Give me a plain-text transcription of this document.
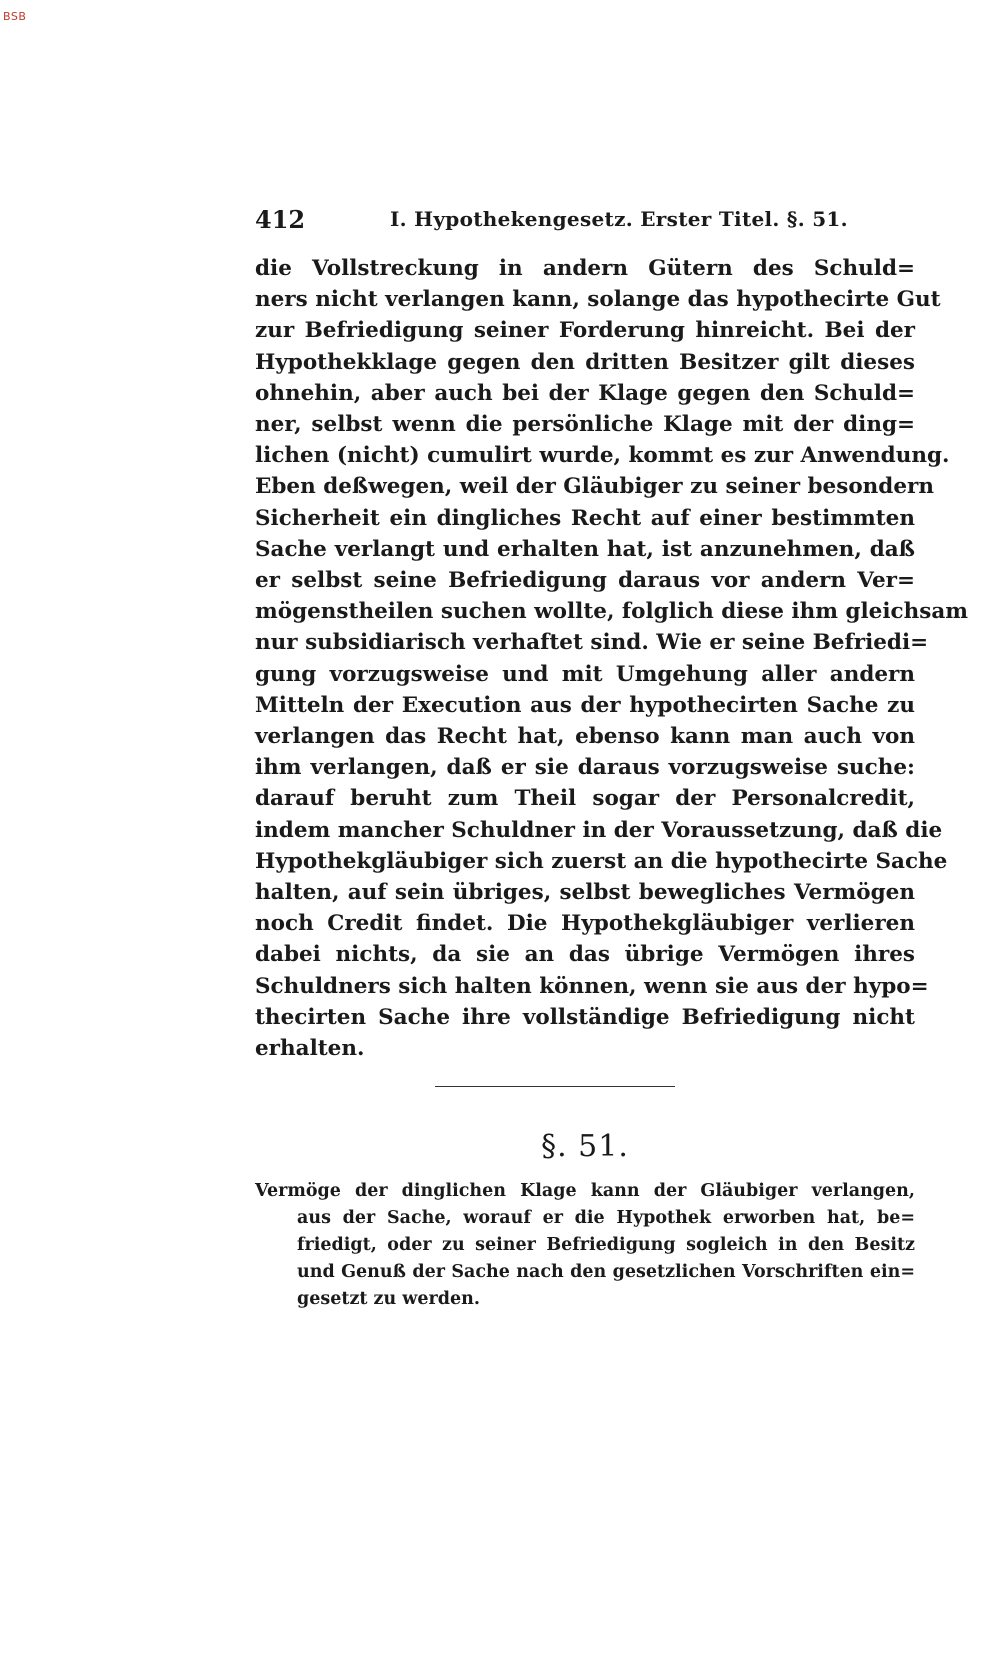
BSB
412	I. Hypothekengesetz. Erster Titel. §. 51.
die Vollstreckung in andern Gütern des Schuld=
ners nicht verlangen kann, solange das hypothecirte Gut
zur Befriedigung seiner Forderung hinreicht. Bei der
Hypothekklage gegen den dritten Besitzer gilt dieses
ohnehin, aber auch bei der Klage gegen den Schuld=
ner, selbst wenn die persönliche Klage mit der ding=
lichen (nicht) cumulirt wurde, kommt es zur Anwendung.
Eben deßwegen, weil der Gläubiger zu seiner besondern
Sicherheit ein dingliches Recht auf einer bestimmten
Sache verlangt und erhalten hat, ist anzunehmen, daß
er selbst seine Befriedigung daraus vor andern Ver=
mögenstheilen suchen wollte, folglich diese ihm gleichsam
nur subsidiarisch verhaftet sind. Wie er seine Befriedi=
gung vorzugsweise und mit Umgehung aller andern
Mitteln der Execution aus der hypothecirten Sache zu
verlangen das Recht hat, ebenso kann man auch von
ihm verlangen, daß er sie daraus vorzugsweise suche:
darauf beruht zum Theil sogar der Personalcredit,
indem mancher Schuldner in der Voraussetzung, daß die
Hypothekgläubiger sich zuerst an die hypothecirte Sache
halten, auf sein übriges, selbst bewegliches Vermögen
noch Credit findet. Die Hypothekgläubiger verlieren
dabei nichts, da sie an das übrige Vermögen ihres
Schuldners sich halten können, wenn sie aus der hypo=
thecirten Sache ihre vollständige Befriedigung nicht
erhalten.
§. 51.
Vermöge der dinglichen Klage kann der Gläubiger verlangen,
aus der Sache, worauf er die Hypothek erworben hat, be=
friedigt, oder zu seiner Befriedigung sogleich in den Besitz
und Genuß der Sache nach den gesetzlichen Vorschriften ein=
gesetzt zu werden.
